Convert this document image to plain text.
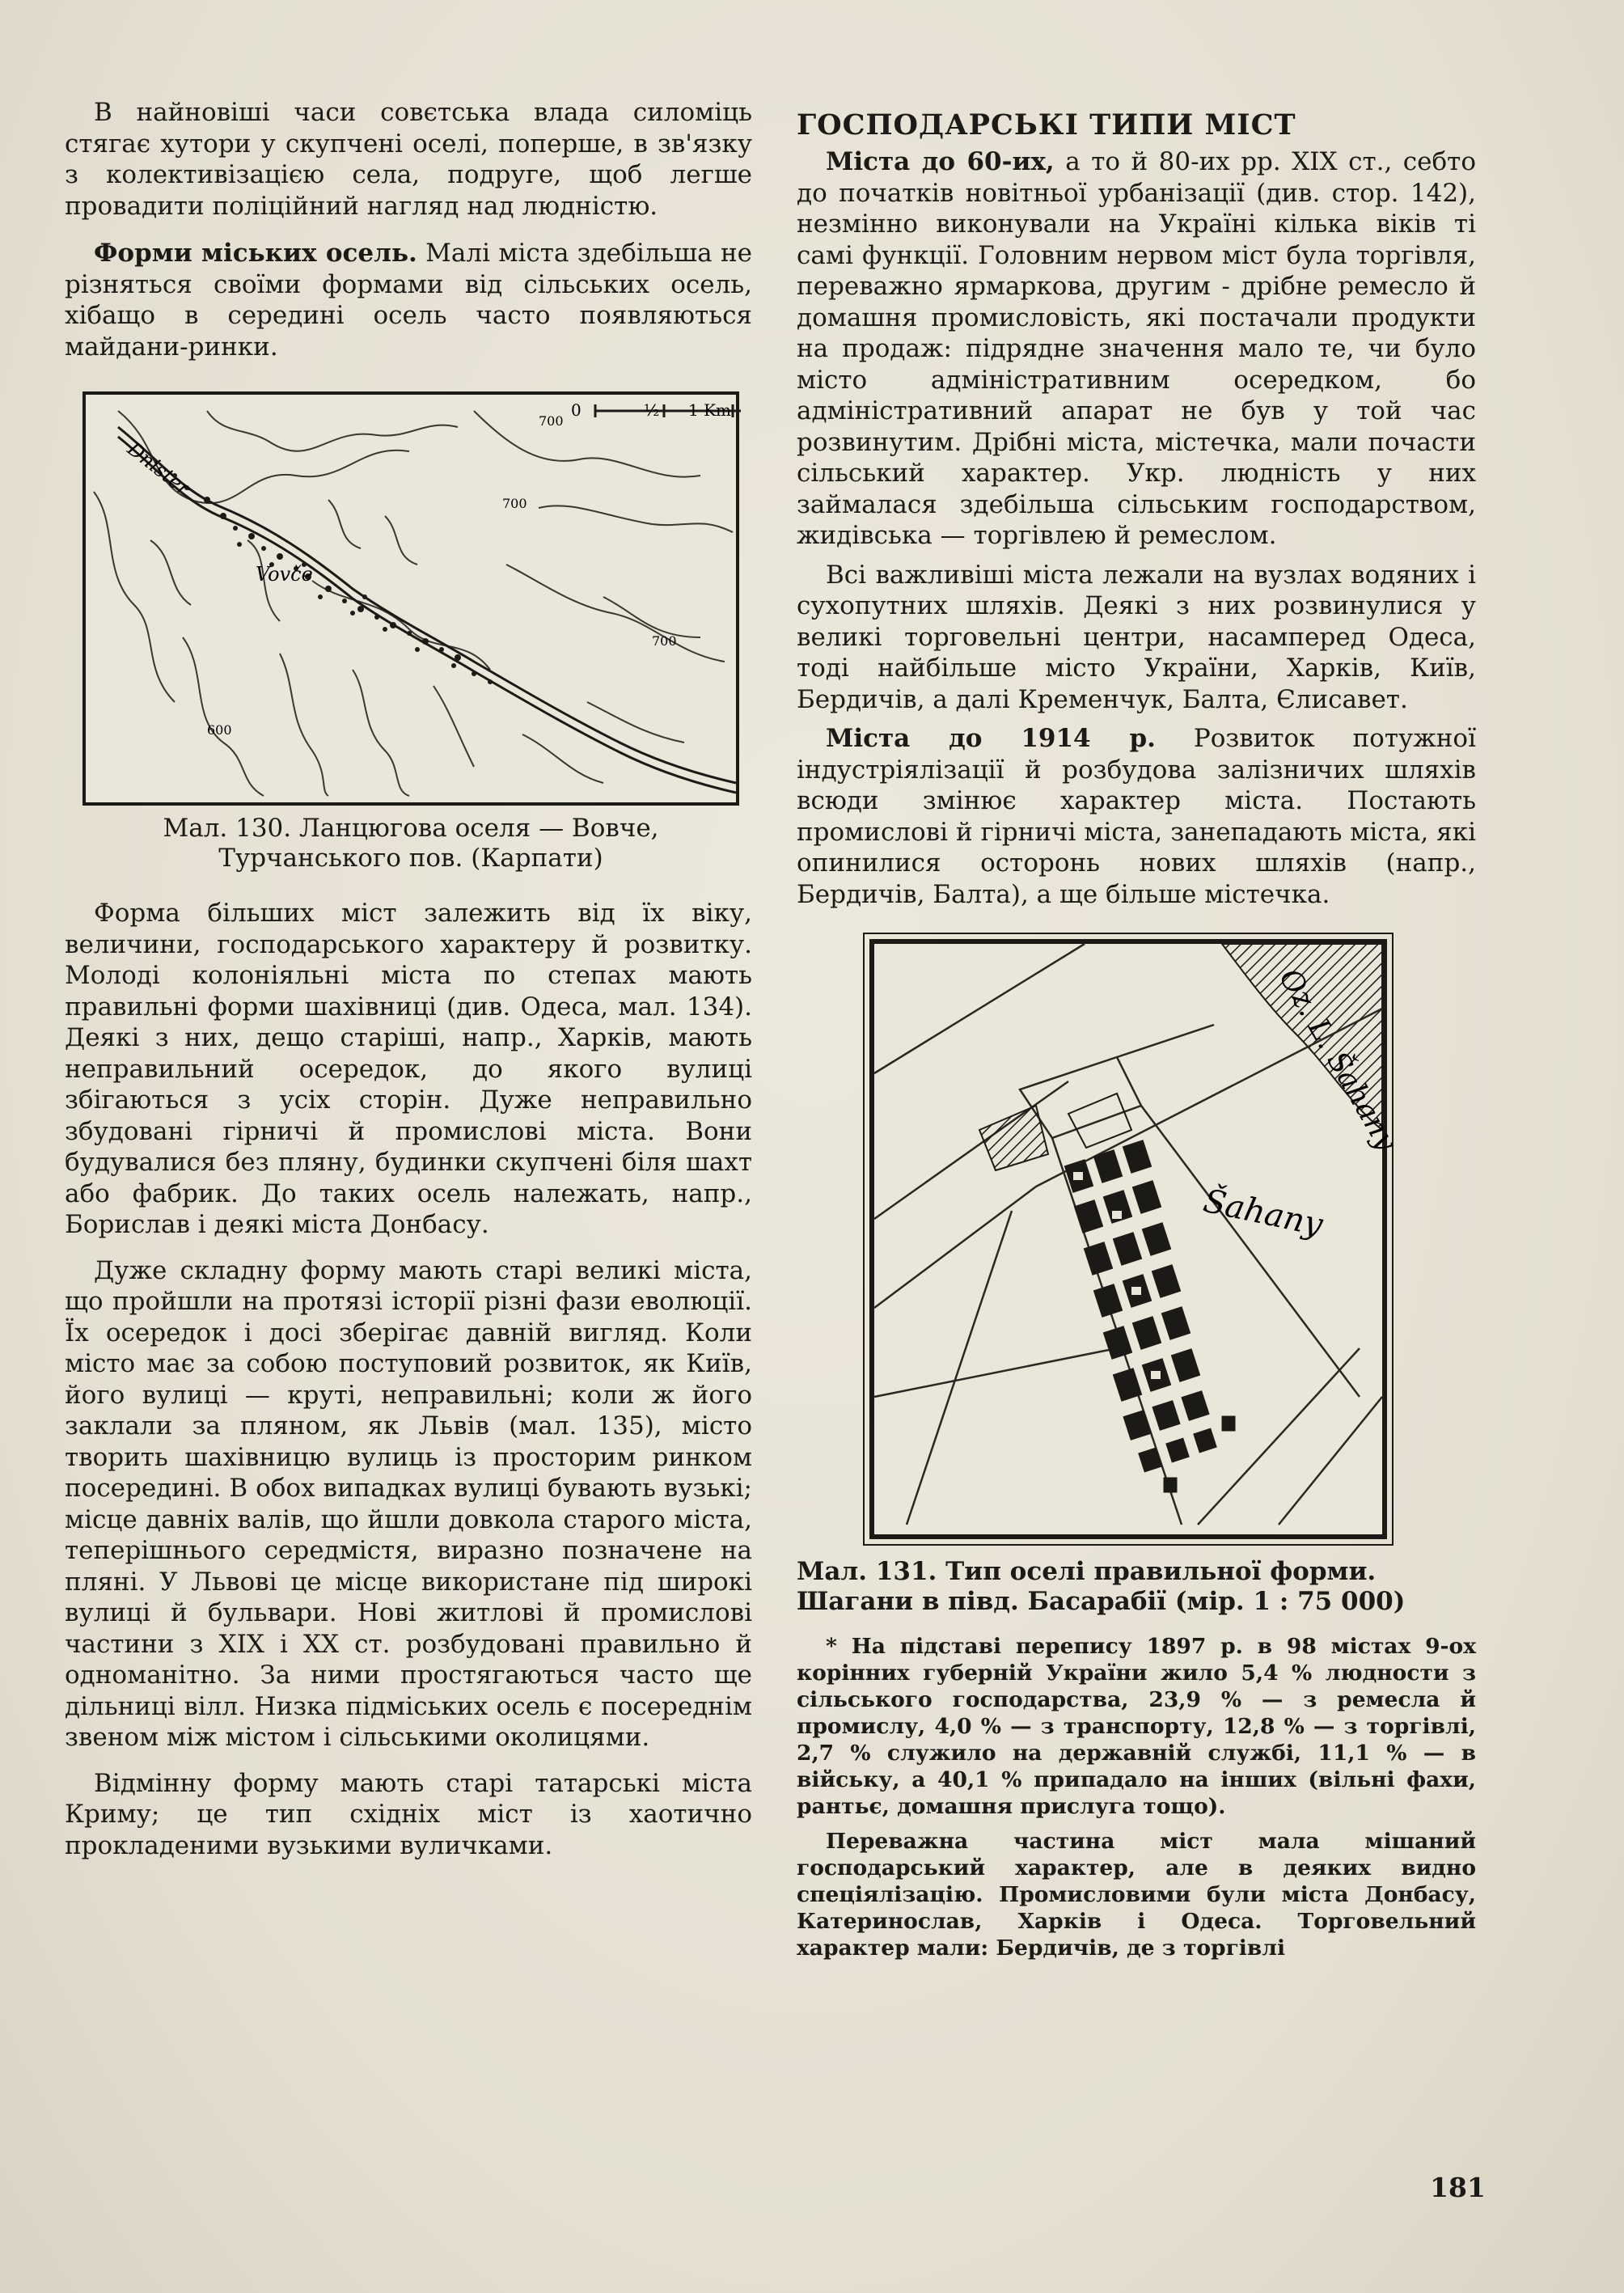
В найновіші часи совєтська влада силоміць стягає хутори у скупчені оселі, поперше, в зв'язку з колективізацією села, подруге, щоб легше провадити поліційний нагляд над людністю.

Форми міських осель. Малі міста здебільша не різняться своїми формами від сільських осель, хібащо в середині осель часто появляються майдани-ринки.

0	½ 1 Km
Dnister
Vovče
700
700
700
600
Мал. 130. Ланцюгова оселя — Вовче, Турчанського пов. (Карпати)

Форма більших міст залежить від їх віку, величини, господарського характеру й розвитку. Молоді колоніяльні міста по степах мають правильні форми шахівниці (див. Одеса, мал. 134). Деякі з них, дещо старіші, напр., Харків, мають неправильний осередок, до якого вулиці збігаються з усіх сторін. Дуже неправильно збудовані гірничі й промислові міста. Вони будувалися без пляну, будинки скупчені біля шахт або фабрик. До таких осель належать, напр., Борислав і деякі міста Донбасу.

Дуже складну форму мають старі великі міста, що пройшли на протязі історії різні фази еволюції. Їх осередок і досі зберігає давній вигляд. Коли місто має за собою поступовий розвиток, як Київ, його вулиці — круті, неправильні; коли ж його заклали за пляном, як Львів (мал. 135), місто творить шахівницю вулиць із просторим ринком посередині. В обох випадках вулиці бувають вузькі; місце давніх валів, що йшли довкола старого міста, теперішнього середмістя, виразно позначене на пляні. У Львові це місце використане під широкі вулиці й бульвари. Нові житлові й промислові частини з XIX і XX ст. розбудовані правильно й одноманітно. За ними простягаються часто ще дільниці вілл. Низка підміських осель є посереднім звеном між містом і сільськими околицями.

Відмінну форму мають старі татарські міста Криму; це тип східніх міст із хаотично прокладеними вузькими вуличками.

ГОСПОДАРСЬКІ ТИПИ МІСТ

Міста до 60-их, а то й 80-их рр. XIX ст., себто до початків новітньої урбанізації (див. стор. 142), незмінно виконували на Україні кілька віків ті самі функції. Головним нервом міст була торгівля, переважно ярмаркова, другим - дрібне ремесло й домашня промисловість, які постачали продукти на продаж: підрядне значення мало те, чи було місто адміністративним осередком, бо адміністративний апарат не був у той час розвинутим. Дрібні міста, містечка, мали почасти сільський характер. Укр. людність у них займалася здебільша сільським господарством, жидівська — торгівлею й ремеслом.

Всі важливіші міста лежали на вузлах водяних і сухопутних шляхів. Деякі з них розвинулися у великі торговельні центри, насамперед Одеса, тоді найбільше місто України, Харків, Київ, Бердичів, а далі Кременчук, Балта, Єлисавет.

Міста до 1914 р. Розвиток потужної індустріялізації й розбудова залізничих шляхів всюди змінює характер міста. Постають промислові й гірничі міста, занепадають міста, які опинилися осторонь нових шляхів (напр., Бердичів, Балта), а ще більше містечка.

Oz. L. Šahany
Šahany
Мал. 131. Тип оселі правильної форми. Шагани в півд. Басарабії (мір. 1 : 75 000)

* На підставі перепису 1897 р. в 98 містах 9-ох корінних губерній України жило 5,4 % людности з сільського господарства, 23,9 % — з ремесла й промислу, 4,0 % — з транспорту, 12,8 % — з торгівлі, 2,7 % служило на державній службі, 11,1 % — в війську, а 40,1 % припадало на інших (вільні фахи, рантьє, домашня прислуга тощо).

Переважна частина міст мала мішаний господарський характер, але в деяких видно спеціялізацію. Промисловими були міста Донбасу, Катеринослав, Харків і Одеса. Торговельний характер мали: Бердичів, де з торгівлі

181
